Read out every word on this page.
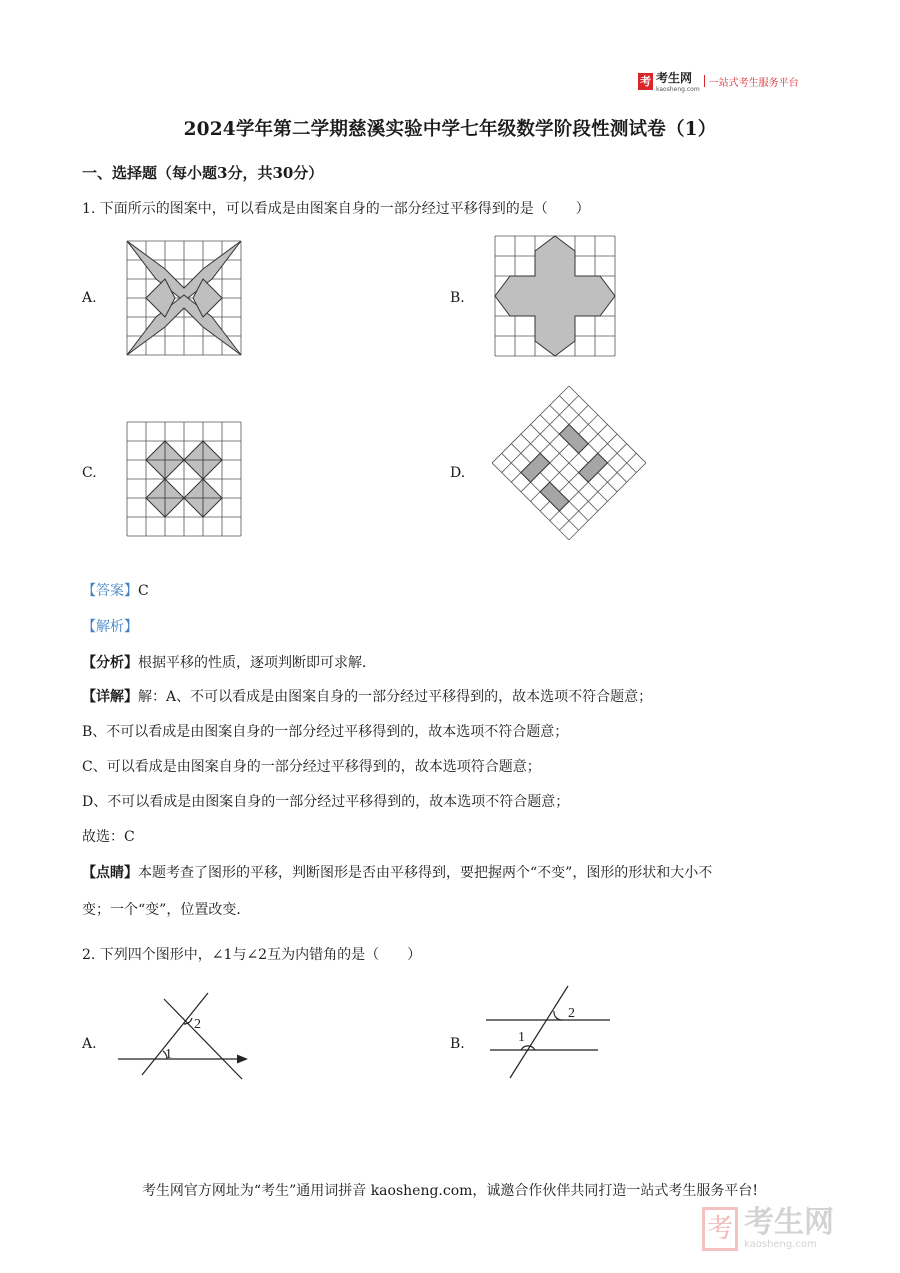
考 考生网
kaosheng.com
一站式考生服务平台
2024学年第二学期慈溪实验中学七年级数学阶段性测试卷（1）
一、选择题（每小题3分，共30分）
1. 下面所示的图案中，可以看成是由图案自身的一部分经过平移得到的是（　　）
A.	B.
C.	D.
【答案】C
【解析】
【分析】根据平移的性质，逐项判断即可求解．
【详解】解：A、不可以看成是由图案自身的一部分经过平移得到的，故本选项不符合题意；
B、不可以看成是由图案自身的一部分经过平移得到的，故本选项不符合题意；
C、可以看成是由图案自身的一部分经过平移得到的，故本选项符合题意；
D、不可以看成是由图案自身的一部分经过平移得到的，故本选项不符合题意；
故选：C
【点睛】本题考查了图形的平移，判断图形是否由平移得到，要把握两个“不变”，图形的形状和大小不
变；一个“变”，位置改变．
2. 下列四个图形中，∠1与∠2互为内错角的是（　　）
A.	B.
1
2
2
1
考生网官方网址为“考生”通用词拼音 kaosheng.com，诚邀合作伙伴共同打造一站式考生服务平台!
考 考生网
kaosheng.com
